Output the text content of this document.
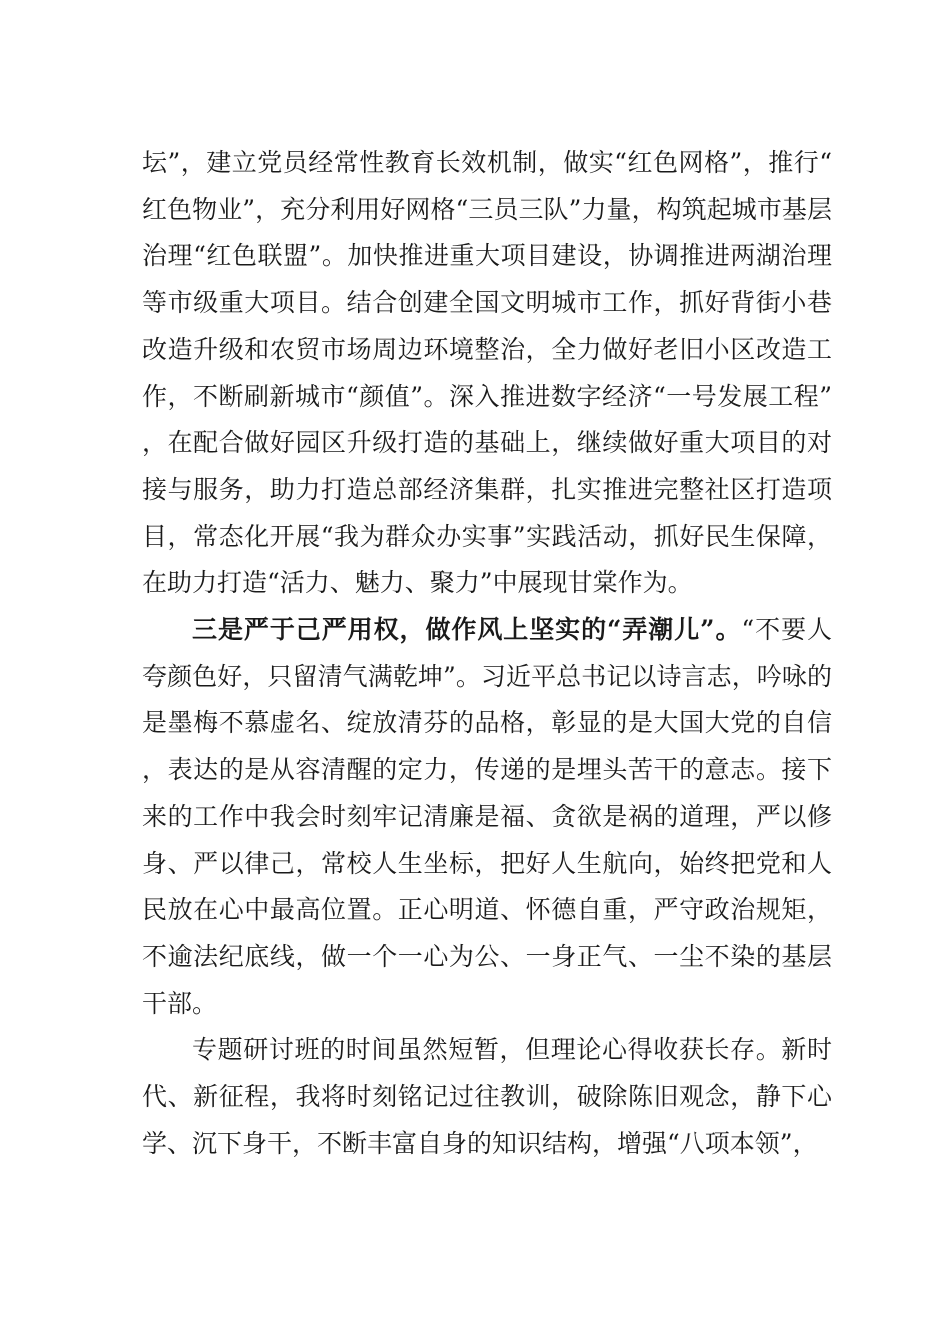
坛”，建立党员经常性教育长效机制，做实“红色网格”，推行“红色物业”，充分利用好网格“三员三队”力量，构筑起城市基层治理“红色联盟”。加快推进重大项目建设，协调推进两湖治理等市级重大项目。结合创建全国文明城市工作，抓好背街小巷改造升级和农贸市场周边环境整治，全力做好老旧小区改造工作，不断刷新城市“颜值”。深入推进数字经济“一号发展工程”，在配合做好园区升级打造的基础上，继续做好重大项目的对接与服务，助力打造总部经济集群，扎实推进完整社区打造项目，常态化开展“我为群众办实事”实践活动，抓好民生保障，在助力打造“活力、魅力、聚力”中展现甘棠作为。

三是严于己严用权，做作风上坚实的“弄潮儿”。“不要人夸颜色好，只留清气满乾坤”。习近平总书记以诗言志，吟咏的是墨梅不慕虚名、绽放清芬的品格，彰显的是大国大党的自信，表达的是从容清醒的定力，传递的是埋头苦干的意志。接下来的工作中我会时刻牢记清廉是福、贪欲是祸的道理，严以修身、严以律己，常校人生坐标，把好人生航向，始终把党和人民放在心中最高位置。正心明道、怀德自重，严守政治规矩，不逾法纪底线，做一个一心为公、一身正气、一尘不染的基层干部。

专题研讨班的时间虽然短暂，但理论心得收获长存。新时代、新征程，我将时刻铭记过往教训，破除陈旧观念，静下心学、沉下身干，不断丰富自身的知识结构，增强“八项本领”，
